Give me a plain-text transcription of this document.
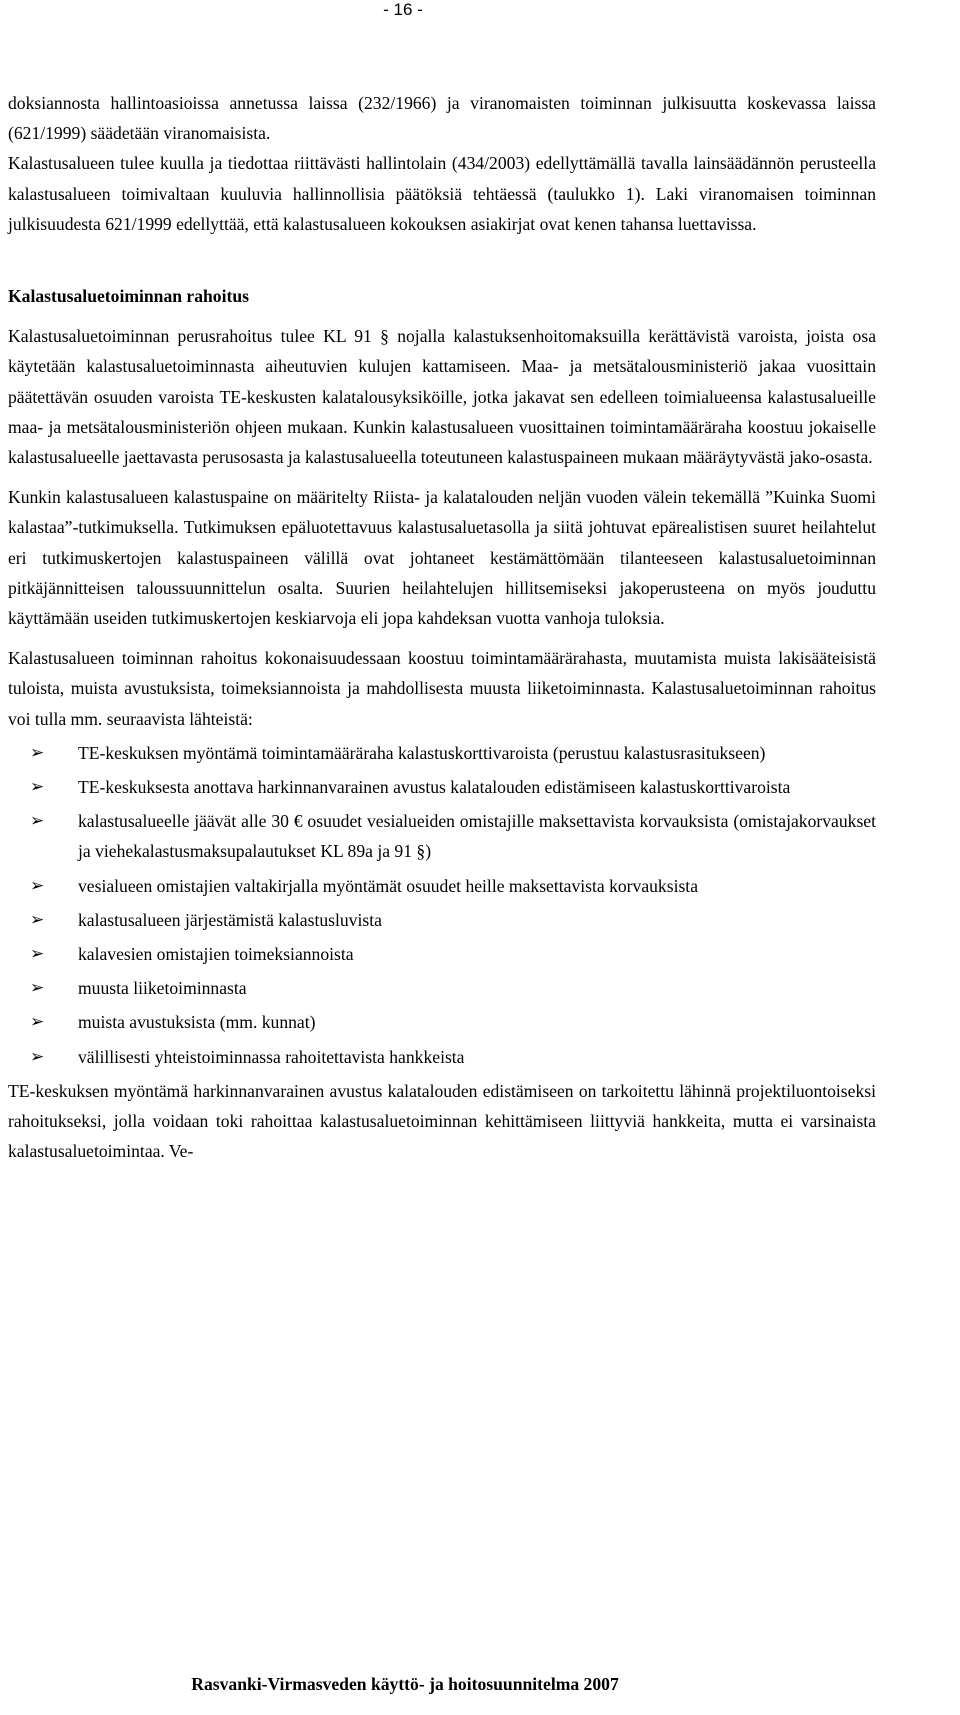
- 16 -

doksiannosta hallintoasioissa annetussa laissa (232/1966) ja viranomaisten toiminnan julkisuutta koskevassa laissa (621/1999) säädetään viranomaisista.

Kalastusalueen tulee kuulla ja tiedottaa riittävästi hallintolain (434/2003) edellyttämällä tavalla lainsäädännön perusteella kalastusalueen toimivaltaan kuuluvia hallinnollisia päätöksiä tehtäessä (taulukko 1). Laki viranomaisen toiminnan julkisuudesta 621/1999 edellyttää, että kalastusalueen kokouksen asiakirjat ovat kenen tahansa luettavissa.

Kalastusaluetoiminnan rahoitus

Kalastusaluetoiminnan perusrahoitus tulee KL 91 § nojalla kalastuksenhoitomaksuilla kerättävistä varoista, joista osa käytetään kalastusaluetoiminnasta aiheutuvien kulujen kattamiseen. Maa- ja metsätalousministeriö jakaa vuosittain päätettävän osuuden varoista TE-keskusten kalatalousyksiköille, jotka jakavat sen edelleen toimialueensa kalastusalueille maa- ja metsätalousministeriön ohjeen mukaan. Kunkin kalastusalueen vuosittainen toimintamääräraha koostuu jokaiselle kalastusalueelle jaettavasta perusosasta ja kalastusalueella toteutuneen kalastuspaineen mukaan määräytyvästä jako-osasta.

Kunkin kalastusalueen kalastuspaine on määritelty Riista- ja kalatalouden neljän vuoden välein tekemällä ”Kuinka Suomi kalastaa”-tutkimuksella. Tutkimuksen epäluotettavuus kalastusaluetasolla ja siitä johtuvat epärealistisen suuret heilahtelut eri tutkimuskertojen kalastuspaineen välillä ovat johtaneet kestämättömään tilanteeseen kalastusaluetoiminnan pitkäjännitteisen taloussuunnittelun osalta. Suurien heilahtelujen hillitsemiseksi jakoperusteena on myös jouduttu käyttämään useiden tutkimuskertojen keskiarvoja eli jopa kahdeksan vuotta vanhoja tuloksia.

Kalastusalueen toiminnan rahoitus kokonaisuudessaan koostuu toimintamäärärahasta, muutamista muista lakisääteisistä tuloista, muista avustuksista, toimeksiannoista ja mahdollisesta muusta liiketoiminnasta. Kalastusaluetoiminnan rahoitus voi tulla mm. seuraavista lähteistä:

➢	TE-keskuksen myöntämä toimintamääräraha kalastuskorttivaroista (perustuu kalastusrasitukseen)
➢	TE-keskuksesta anottava harkinnanvarainen avustus kalatalouden edistämiseen kalastuskorttivaroista
➢	kalastusalueelle jäävät alle 30 € osuudet vesialueiden omistajille maksettavista korvauksista (omistajakorvaukset ja viehekalastusmaksupalautukset KL 89a ja 91 §)
➢	vesialueen omistajien valtakirjalla myöntämät osuudet heille maksettavista korvauksista
➢	kalastusalueen järjestämistä kalastusluvista
➢	kalavesien omistajien toimeksiannoista
➢	muusta liiketoiminnasta
➢	muista avustuksista (mm. kunnat)
➢	välillisesti yhteistoiminnassa rahoitettavista hankkeista

TE-keskuksen myöntämä harkinnanvarainen avustus kalatalouden edistämiseen on tarkoitettu lähinnä projektiluontoiseksi rahoitukseksi, jolla voidaan toki rahoittaa kalastusaluetoiminnan kehittämiseen liittyviä hankkeita, mutta ei varsinaista kalastusaluetoimintaa. Ve-

Rasvanki-Virmasveden käyttö- ja hoitosuunnitelma 2007
